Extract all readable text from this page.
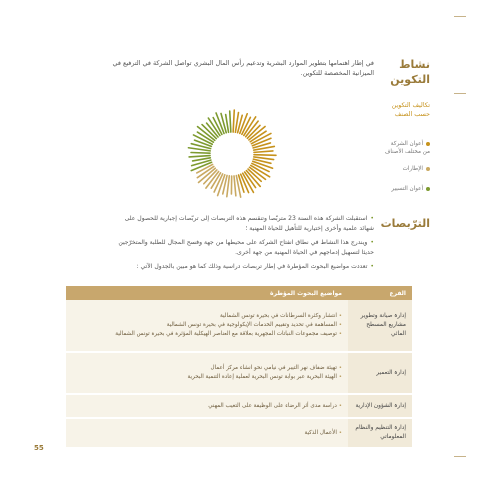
نشاط
التكوين
في إطار اهتمامها بتطوير الموارد البشرية وتدعيم رأس المال البشري تواصل الشركة في الترفيع في
الميزانية المخصصة للتكوين.
تكاليف التكوين
حسب الصنف
أعوان الشركة
من مختلف الأصناف
الإطارات
أعوان التسيير
الترّبصات
•استقبلت الشركة هذه السنة 23 متربّصا وتنقسم هذه التربصات إلى تربّصات إجبارية للحصول على
شهائد علمية وأخرى إختيارية للتأهيل للحياة المهنية ؛
•ويندرج هذا النشاط في نطاق انفتاح الشركة على محيطها من جهة وفسح المجال للطلبة والمتخرّجين
حديثا لتسهيل إدماجهم في الحياة المهنية من جهة أخرى.
•تعددت مواضيع البحوث المؤطرة في إطار تربصات دراسية وذلك كما هو مبين بالجدول الآتي :
الفرع	مواضيع البحوث المؤطرة
إدارة صيانة وتطوير مشاريع المسطح المائي	• انتشار وكثرة السرطانات في بحيرة تونس الشمالية
• المساهمة في تحديد وتقييم الخدمات الإيكولوجية في بحيرة تونس الشمالية
• توصيف مجموعات النباتات المجهرية بعلاقة مع العناصر الهيكلية المؤثرة في بحيرة تونس الشمالية

إدارة التعمير	• تهيئة ضفاف نهر التيبر في نيامي نحو انشاء مركز أعمال
• الهيئة البحرية عبر بوابة تونس البحرية لعملية إعادة التنمية البحرية

إدارة الشؤون الإدارية	• دراسة مدى أثر الرضاء على الوظيفة على التغيب المهني

إدارة التنظيم والنظام المعلوماتي	• الأعمال الذكية
55
